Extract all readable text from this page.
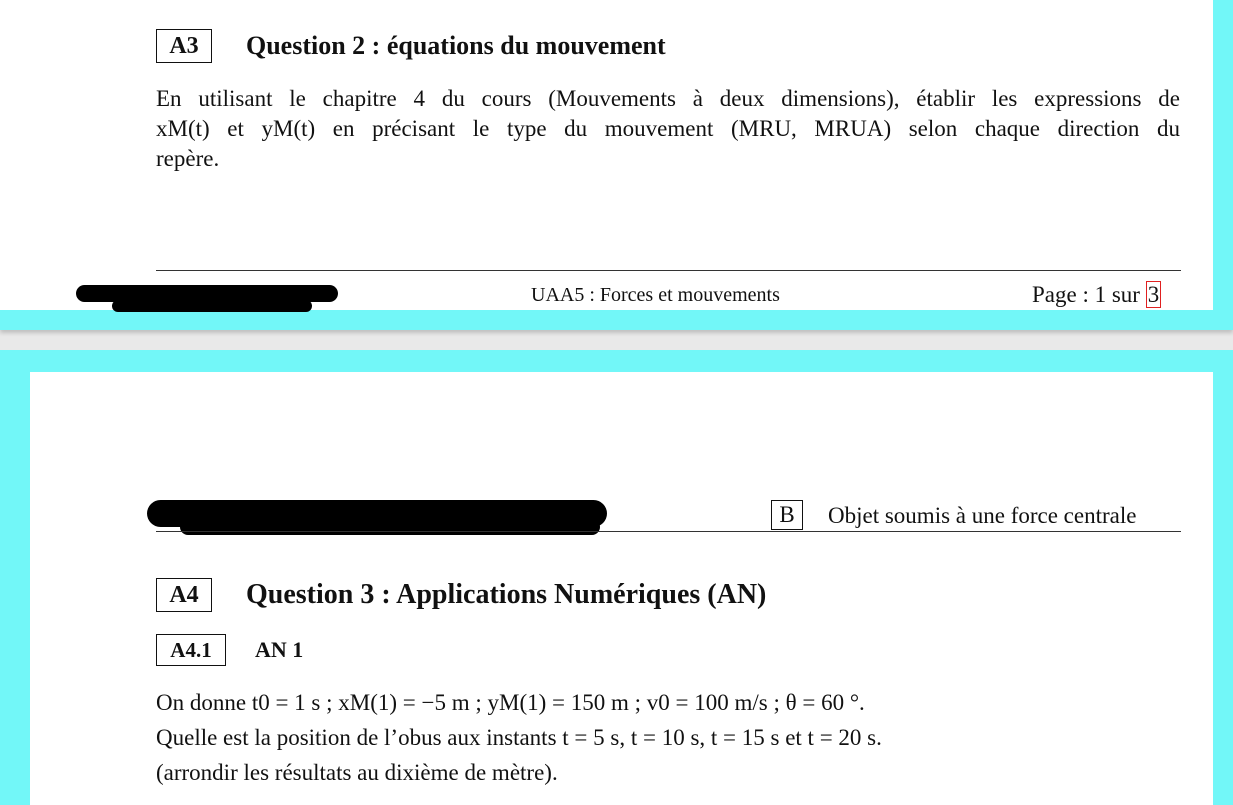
A3	Question 2 : équations du mouvement
En utilisant le chapitre 4 du cours (Mouvements à deux dimensions), établir les expressions de
xM(t) et yM(t) en précisant le type du mouvement (MRU, MRUA) selon chaque direction du
repère.
UAA5 : Forces et mouvements	Page : 1 sur 3
B	Objet soumis à une force centrale
A4	Question 3 : Applications Numériques (AN)
A4.1	AN 1
On donne t0 = 1 s ; xM(1) = −5 m ; yM(1) = 150 m ; v0 = 100 m/s ; θ = 60 °.
Quelle est la position de l’obus aux instants t = 5 s, t = 10 s, t = 15 s et t = 20 s.
(arrondir les résultats au dixième de mètre).
